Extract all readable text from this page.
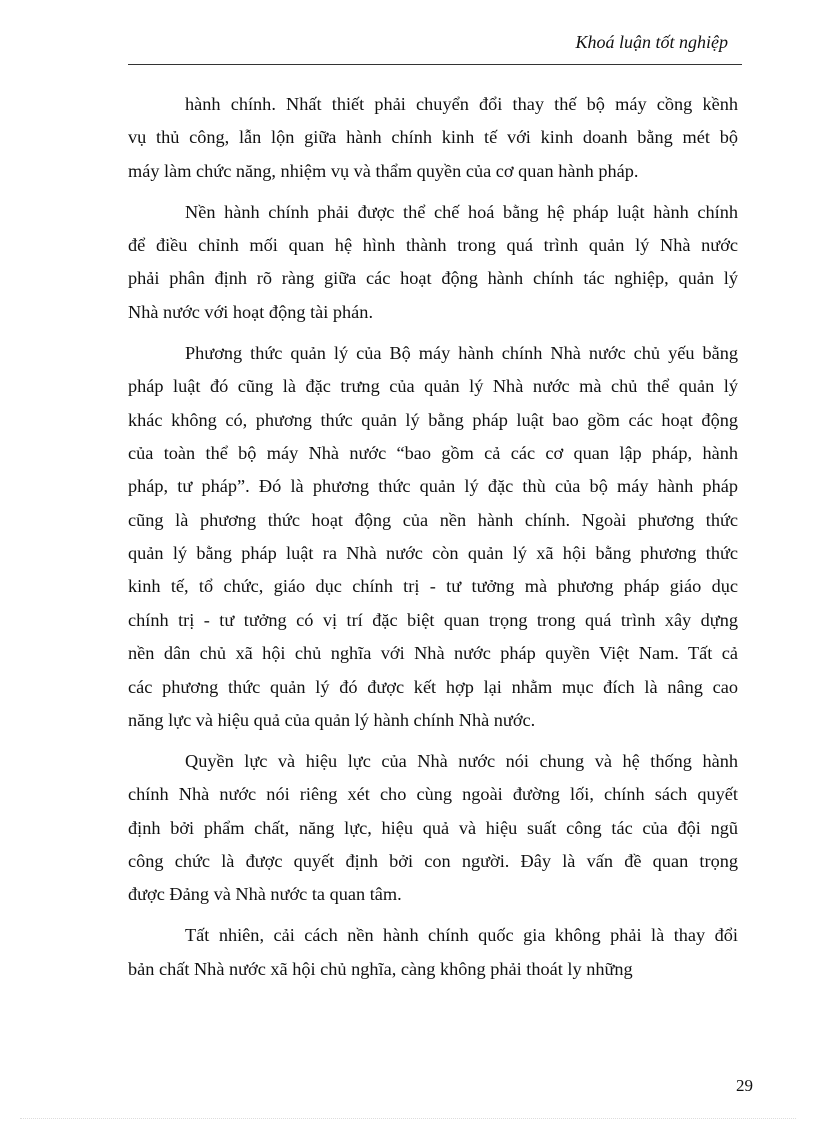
Khoá luận tốt nghiệp
hành chính. Nhất thiết phải chuyển đổi thay thế bộ máy cồng kềnh
vụ thủ công, lẫn lộn giữa hành chính kinh tế với kinh doanh bằng mét bộ
máy làm chức năng, nhiệm vụ và thẩm quyền của cơ quan hành pháp.
Nền hành chính phải được thể chế hoá bằng hệ pháp luật hành chính
để điều chỉnh mối quan hệ hình thành trong quá trình quản lý Nhà nước
phải phân định rõ ràng giữa các hoạt động hành chính tác nghiệp, quản lý
Nhà nước với hoạt động tài phán.
Phương thức quản lý của Bộ máy hành chính Nhà nước chủ yếu bằng
pháp luật đó cũng là đặc trưng của quản lý Nhà nước mà chủ thể quản lý
khác không có, phương thức quản lý bằng pháp luật bao gồm các hoạt động
của toàn thể bộ máy Nhà nước “bao gồm cả các cơ quan lập pháp, hành
pháp, tư pháp”. Đó là phương thức quản lý đặc thù của bộ máy hành pháp
cũng là phương thức hoạt động của nền hành chính. Ngoài phương thức
quản lý bằng pháp luật ra Nhà nước còn quản lý xã hội bằng phương thức
kinh tế, tổ chức, giáo dục chính trị - tư tưởng mà phương pháp giáo dục
chính trị - tư tưởng có vị trí đặc biệt quan trọng trong quá trình xây dựng
nền dân chủ xã hội chủ nghĩa với Nhà nước pháp quyền Việt Nam. Tất cả
các phương thức quản lý đó được kết hợp lại nhằm mục đích là nâng cao
năng lực và hiệu quả của quản lý hành chính Nhà nước.
Quyền lực và hiệu lực của Nhà nước nói chung và hệ thống hành
chính Nhà nước nói riêng xét cho cùng ngoài đường lối, chính sách quyết
định bởi phẩm chất, năng lực, hiệu quả và hiệu suất công tác của đội ngũ
công chức là được quyết định bởi con người. Đây là vấn đề quan trọng
được Đảng và Nhà nước ta quan tâm.
Tất nhiên, cải cách nền hành chính quốc gia không phải là thay đổi
bản chất Nhà nước xã hội chủ nghĩa, càng không phải thoát ly những
29
